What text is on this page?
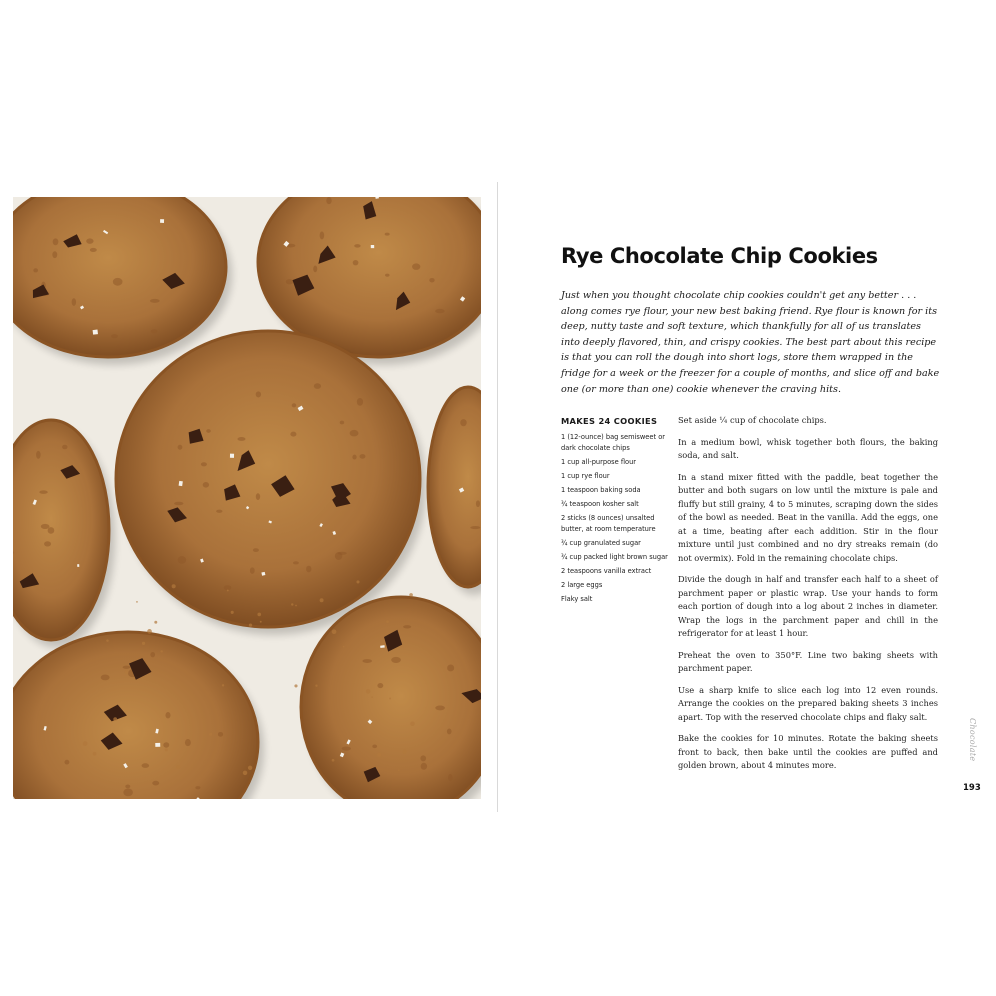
Rye Chocolate Chip Cookies

Just when you thought chocolate chip cookies couldn't get any better . . . along comes rye flour, your new best baking friend. Rye flour is known for its deep, nutty taste and soft texture, which thankfully for all of us translates into deeply flavored, thin, and crispy cookies. The best part about this recipe is that you can roll the dough into short logs, store them wrapped in the fridge for a week or the freezer for a couple of months, and slice off and bake one (or more than one) cookie whenever the craving hits.

MAKES 24 COOKIES

1 (12-ounce) bag semisweet or dark chocolate chips
1 cup all-purpose flour
1 cup rye flour
1 teaspoon baking soda
¾ teaspoon kosher salt
2 sticks (8 ounces) unsalted butter, at room temperature
¾ cup granulated sugar
¾ cup packed light brown sugar
2 teaspoons vanilla extract
2 large eggs
Flaky salt

Set aside ¼ cup of chocolate chips.

In a medium bowl, whisk together both flours, the baking soda, and salt.

In a stand mixer fitted with the paddle, beat together the butter and both sugars on low until the mixture is pale and fluffy but still grainy, 4 to 5 minutes, scraping down the sides of the bowl as needed. Beat in the vanilla. Add the eggs, one at a time, beating after each addition. Stir in the flour mixture until just combined and no dry streaks remain (do not overmix). Fold in the remaining chocolate chips.

Divide the dough in half and transfer each half to a sheet of parchment paper or plastic wrap. Use your hands to form each portion of dough into a log about 2 inches in diameter. Wrap the logs in the parchment paper and chill in the refrigerator for at least 1 hour.

Preheat the oven to 350°F. Line two baking sheets with parchment paper.

Use a sharp knife to slice each log into 12 even rounds. Arrange the cookies on the prepared baking sheets 3 inches apart. Top with the reserved chocolate chips and flaky salt.

Bake the cookies for 10 minutes. Rotate the baking sheets front to back, then bake until the cookies are puffed and golden brown, about 4 minutes more.

Chocolate

193
